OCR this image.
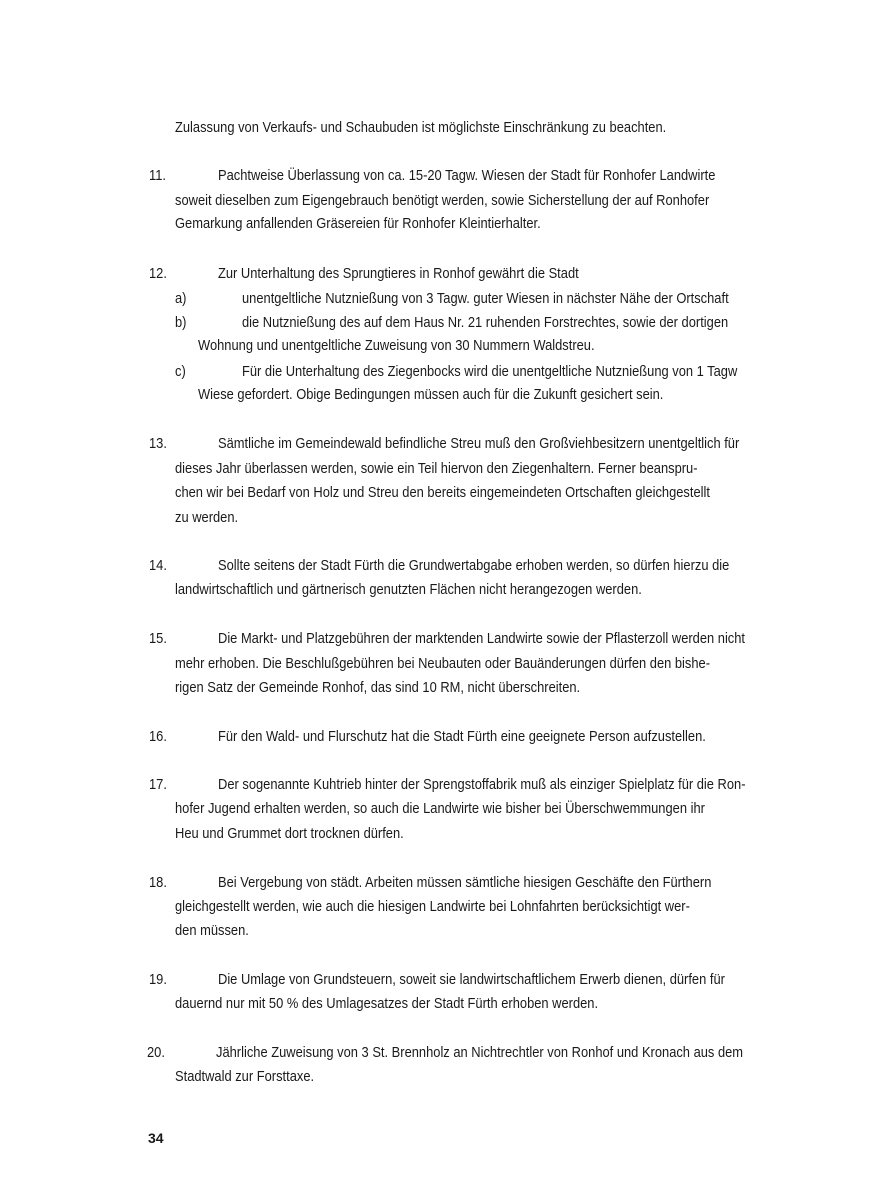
Zulassung von Verkaufs- und Schaubuden ist möglichste Einschränkung zu beachten.
11.	Pachtweise Überlassung von ca. 15-20 Tagw. Wiesen der Stadt für Ronhofer Landwirte
soweit dieselben zum Eigengebrauch benötigt werden, sowie Sicherstellung der auf Ronhofer
Gemarkung anfallenden Gräsereien für Ronhofer Kleintierhalter.
12.	Zur Unterhaltung des Sprungtieres in Ronhof gewährt die Stadt
a)	unentgeltliche Nutznießung von 3 Tagw. guter Wiesen in nächster Nähe der Ortschaft
b)	die Nutznießung des auf dem Haus Nr. 21 ruhenden Forstrechtes, sowie der dortigen
Wohnung und unentgeltliche Zuweisung von 30 Nummern Waldstreu.
c)	Für die Unterhaltung des Ziegenbocks wird die unentgeltliche Nutznießung von 1 Tagw
Wiese gefordert. Obige Bedingungen müssen auch für die Zukunft gesichert sein.
13.	Sämtliche im Gemeindewald befindliche Streu muß den Großviehbesitzern unentgeltlich für
dieses Jahr überlassen werden, sowie ein Teil hiervon den Ziegenhaltern. Ferner beanspru-
chen wir bei Bedarf von Holz und Streu den bereits eingemeindeten Ortschaften gleichgestellt
zu werden.
14.	Sollte seitens der Stadt Fürth die Grundwertabgabe erhoben werden, so dürfen hierzu die
landwirtschaftlich und gärtnerisch genutzten Flächen nicht herangezogen werden.
15.	Die Markt- und Platzgebühren der marktenden Landwirte sowie der Pflasterzoll werden nicht
mehr erhoben. Die Beschlußgebühren bei Neubauten oder Bauänderungen dürfen den bishe-
rigen Satz der Gemeinde Ronhof, das sind 10 RM, nicht überschreiten.
16.	Für den Wald- und Flurschutz hat die Stadt Fürth eine geeignete Person aufzustellen.
17.	Der sogenannte Kuhtrieb hinter der Sprengstoffabrik muß als einziger Spielplatz für die Ron-
hofer Jugend erhalten werden, so auch die Landwirte wie bisher bei Überschwemmungen ihr
Heu und Grummet dort trocknen dürfen.
18.	Bei Vergebung von städt. Arbeiten müssen sämtliche hiesigen Geschäfte den Fürthern
gleichgestellt werden, wie auch die hiesigen Landwirte bei Lohnfahrten berücksichtigt wer-
den müssen.
19.	Die Umlage von Grundsteuern, soweit sie landwirtschaftlichem Erwerb dienen, dürfen für
dauernd nur mit 50 % des Umlagesatzes der Stadt Fürth erhoben werden.
20.	Jährliche Zuweisung von 3 St. Brennholz an Nichtrechtler von Ronhof und Kronach aus dem
Stadtwald zur Forsttaxe.
34
